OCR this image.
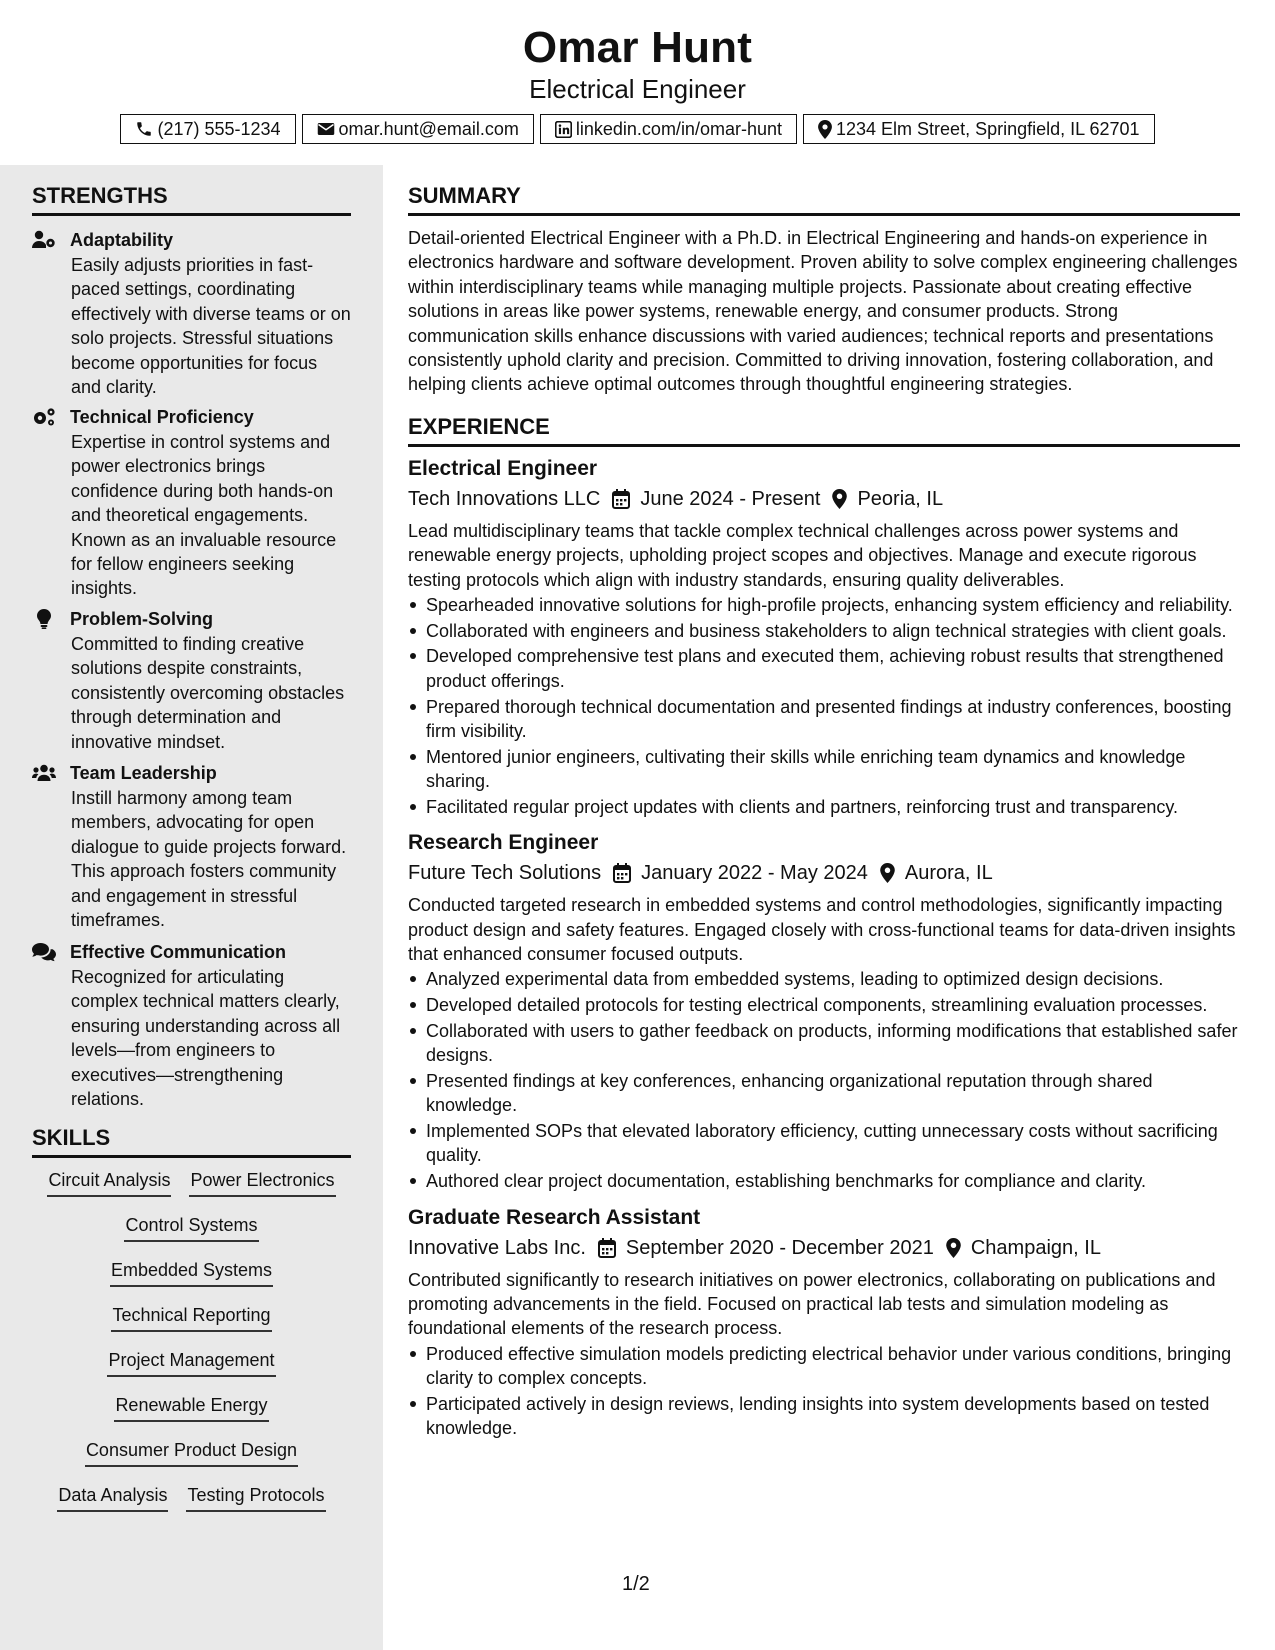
Omar Hunt
Electrical Engineer
(217) 555-1234	omar.hunt@email.com	linkedin.com/in/omar-hunt	1234 Elm Street, Springfield, IL 62701
STRENGTHS
Adaptability
Easily adjusts priorities in fast-paced settings, coordinating effectively with diverse teams or on solo projects. Stressful situations become opportunities for focus and clarity.
Technical Proficiency
Expertise in control systems and power electronics brings confidence during both hands-on and theoretical engagements. Known as an invaluable resource for fellow engineers seeking insights.
Problem-Solving
Committed to finding creative solutions despite constraints, consistently overcoming obstacles through determination and innovative mindset.
Team Leadership
Instill harmony among team members, advocating for open dialogue to guide projects forward. This approach fosters community and engagement in stressful timeframes.
Effective Communication
Recognized for articulating complex technical matters clearly, ensuring understanding across all levels—from engineers to executives—strengthening relations.
SKILLS
Circuit Analysis Power Electronics
Control Systems
Embedded Systems
Technical Reporting
Project Management
Renewable Energy
Consumer Product Design
Data Analysis Testing Protocols
SUMMARY
Detail-oriented Electrical Engineer with a Ph.D. in Electrical Engineering and hands-on experience in electronics hardware and software development. Proven ability to solve complex engineering challenges within interdisciplinary teams while managing multiple projects. Passionate about creating effective solutions in areas like power systems, renewable energy, and consumer products. Strong communication skills enhance discussions with varied audiences; technical reports and presentations consistently uphold clarity and precision. Committed to driving innovation, fostering collaboration, and helping clients achieve optimal outcomes through thoughtful engineering strategies.
EXPERIENCE
Electrical Engineer
Tech Innovations LLC June 2024 - Present Peoria, IL
Lead multidisciplinary teams that tackle complex technical challenges across power systems and renewable energy projects, upholding project scopes and objectives. Manage and execute rigorous testing protocols which align with industry standards, ensuring quality deliverables.
Spearheaded innovative solutions for high-profile projects, enhancing system efficiency and reliability.
Collaborated with engineers and business stakeholders to align technical strategies with client goals.
Developed comprehensive test plans and executed them, achieving robust results that strengthened product offerings.
Prepared thorough technical documentation and presented findings at industry conferences, boosting firm visibility.
Mentored junior engineers, cultivating their skills while enriching team dynamics and knowledge sharing.
Facilitated regular project updates with clients and partners, reinforcing trust and transparency.
Research Engineer
Future Tech Solutions January 2022 - May 2024 Aurora, IL
Conducted targeted research in embedded systems and control methodologies, significantly impacting product design and safety features. Engaged closely with cross-functional teams for data-driven insights that enhanced consumer focused outputs.
Analyzed experimental data from embedded systems, leading to optimized design decisions.
Developed detailed protocols for testing electrical components, streamlining evaluation processes.
Collaborated with users to gather feedback on products, informing modifications that established safer designs.
Presented findings at key conferences, enhancing organizational reputation through shared knowledge.
Implemented SOPs that elevated laboratory efficiency, cutting unnecessary costs without sacrificing quality.
Authored clear project documentation, establishing benchmarks for compliance and clarity.
Graduate Research Assistant
Innovative Labs Inc. September 2020 - December 2021 Champaign, IL
Contributed significantly to research initiatives on power electronics, collaborating on publications and promoting advancements in the field. Focused on practical lab tests and simulation modeling as foundational elements of the research process.
Produced effective simulation models predicting electrical behavior under various conditions, bringing clarity to complex concepts.
Participated actively in design reviews, lending insights into system developments based on tested knowledge.
1/2
